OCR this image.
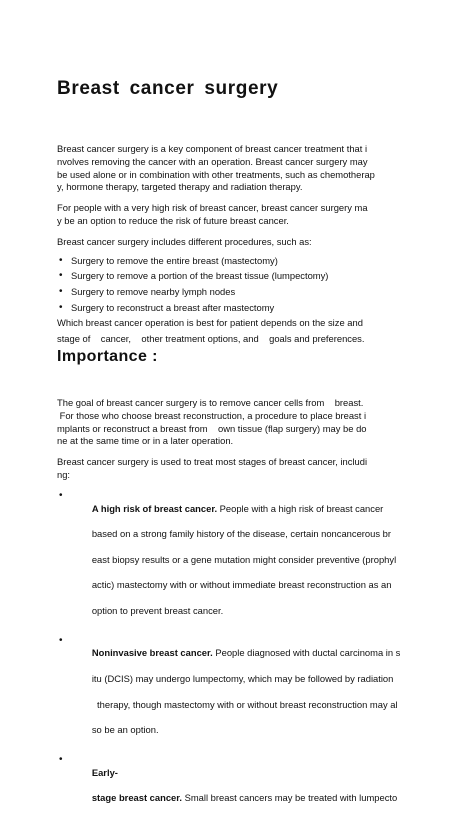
Breast cancer surgery

Breast cancer surgery is a key component of breast cancer treatment that i

nvolves removing the cancer with an operation. Breast cancer surgery may

be used alone or in combination with other treatments, such as chemotherap

y, hormone therapy, targeted therapy and radiation therapy.

For people with a very high risk of breast cancer, breast cancer surgery ma

y be an option to reduce the risk of future breast cancer.

Breast cancer surgery includes different procedures, such as:

• Surgery to remove the entire breast (mastectomy)
• Surgery to remove a portion of the breast tissue (lumpectomy)
• Surgery to remove nearby lymph nodes
• Surgery to reconstruct a breast after mastectomy

Which breast cancer operation is best for patient depends on the size and

stage of    cancer,    other treatment options, and    goals and preferences.

Importance :

The goal of breast cancer surgery is to remove cancer cells from    breast.

For those who choose breast reconstruction, a procedure to place breast i

mplants or reconstruct a breast from    own tissue (flap surgery) may be do

ne at the same time or in a later operation.

Breast cancer surgery is used to treat most stages of breast cancer, includi

ng:

• A high risk of breast cancer. People with a high risk of breast cancer

based on a strong family history of the disease, certain noncancerous br

east biopsy results or a gene mutation might consider preventive (prophyl

actic) mastectomy with or without immediate breast reconstruction as an

option to prevent breast cancer.

• Noninvasive breast cancer. People diagnosed with ductal carcinoma in s

itu (DCIS) may undergo lumpectomy, which may be followed by radiation

therapy, though mastectomy with or without breast reconstruction may al

so be an option.

• Early-

stage breast cancer. Small breast cancers may be treated with lumpecto
